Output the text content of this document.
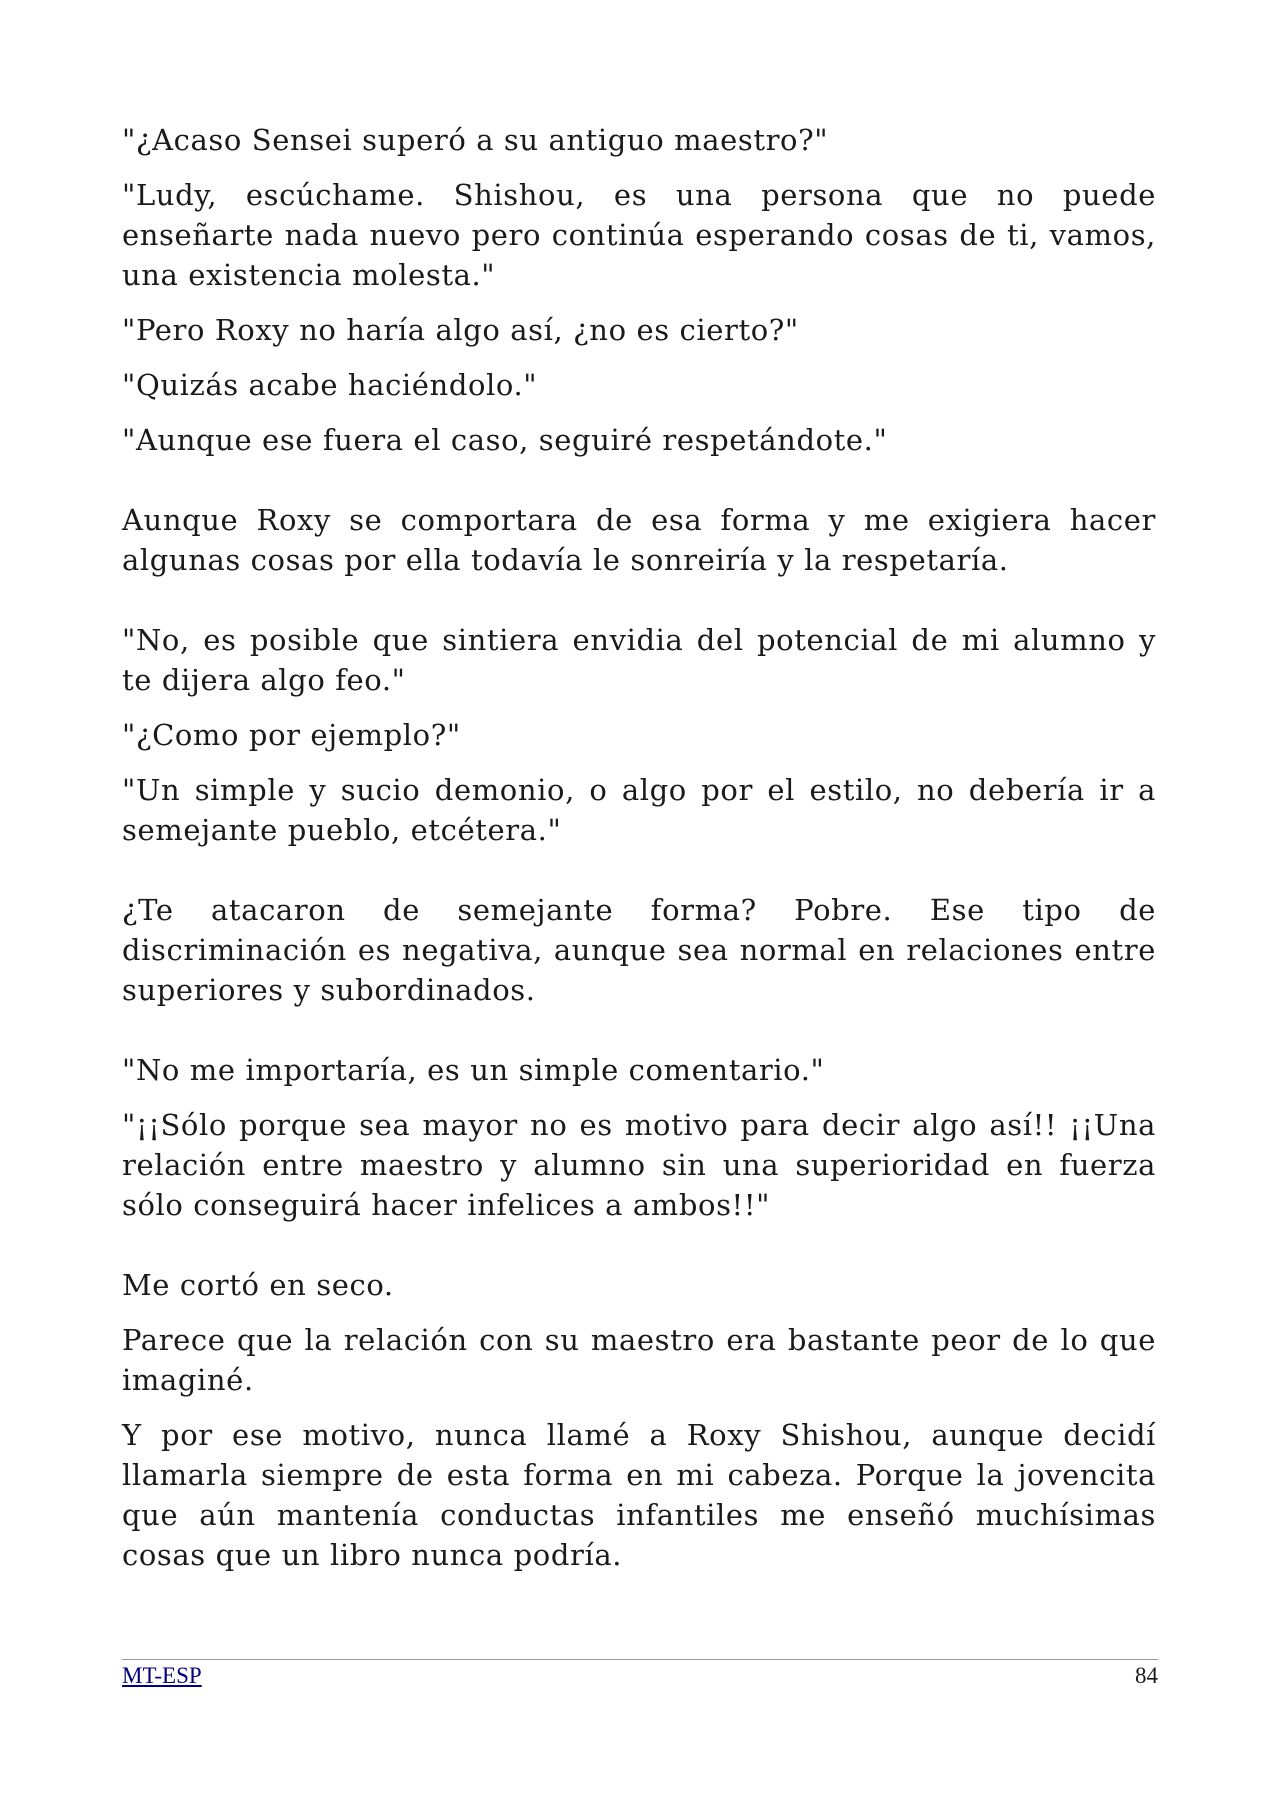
"¿Acaso Sensei superó a su antiguo maestro?"

"Ludy, escúchame. Shishou, es una persona que no puede enseñarte nada nuevo pero continúa esperando cosas de ti, vamos, una existencia molesta."

"Pero Roxy no haría algo así, ¿no es cierto?"

"Quizás acabe haciéndolo."

"Aunque ese fuera el caso, seguiré respetándote."

Aunque Roxy se comportara de esa forma y me exigiera hacer algunas cosas por ella todavía le sonreiría y la respetaría.

"No, es posible que sintiera envidia del potencial de mi alumno y te dijera algo feo."

"¿Como por ejemplo?"

"Un simple y sucio demonio, o algo por el estilo, no debería ir a semejante pueblo, etcétera."

¿Te atacaron de semejante forma? Pobre. Ese tipo de discriminación es negativa, aunque sea normal en relaciones entre superiores y subordinados.

"No me importaría, es un simple comentario."

"¡¡Sólo porque sea mayor no es motivo para decir algo así!! ¡¡Una relación entre maestro y alumno sin una superioridad en fuerza sólo conseguirá hacer infelices a ambos!!"

Me cortó en seco.

Parece que la relación con su maestro era bastante peor de lo que imaginé.

Y por ese motivo, nunca llamé a Roxy Shishou, aunque decidí llamarla siempre de esta forma en mi cabeza. Porque la jovencita que aún mantenía conductas infantiles me enseñó muchísimas cosas que un libro nunca podría.

MT-ESP	84
